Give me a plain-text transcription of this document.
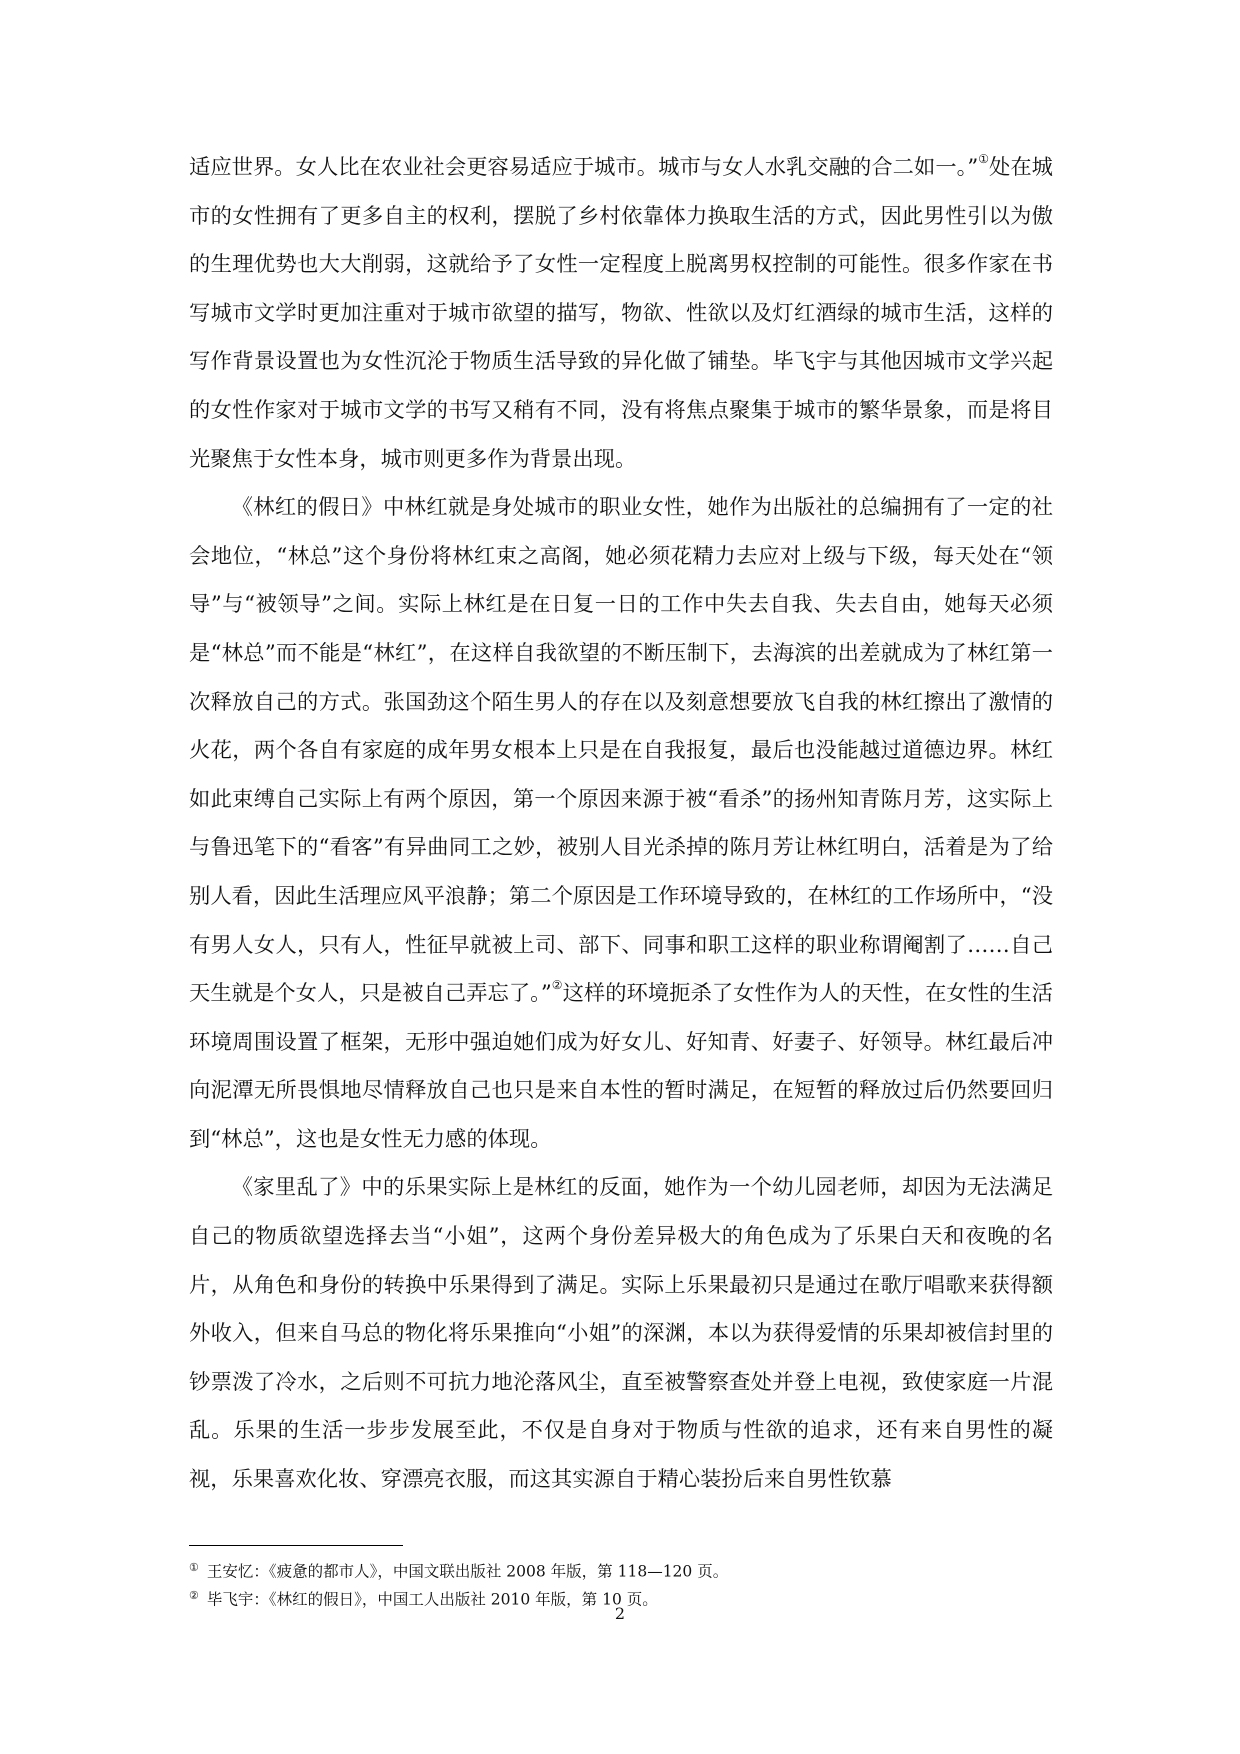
适应世界。女人比在农业社会更容易适应于城市。城市与女人水乳交融的合二如一。”①处在城市的女性拥有了更多自主的权利，摆脱了乡村依靠体力换取生活的方式，因此男性引以为傲的生理优势也大大削弱，这就给予了女性一定程度上脱离男权控制的可能性。很多作家在书写城市文学时更加注重对于城市欲望的描写，物欲、性欲以及灯红酒绿的城市生活，这样的写作背景设置也为女性沉沦于物质生活导致的异化做了铺垫。毕飞宇与其他因城市文学兴起的女性作家对于城市文学的书写又稍有不同，没有将焦点聚集于城市的繁华景象，而是将目光聚焦于女性本身，城市则更多作为背景出现。

《林红的假日》中林红就是身处城市的职业女性，她作为出版社的总编拥有了一定的社会地位，“林总”这个身份将林红束之高阁，她必须花精力去应对上级与下级，每天处在“领导”与“被领导”之间。实际上林红是在日复一日的工作中失去自我、失去自由，她每天必须是“林总”而不能是“林红”，在这样自我欲望的不断压制下，去海滨的出差就成为了林红第一次释放自己的方式。张国劲这个陌生男人的存在以及刻意想要放飞自我的林红擦出了激情的火花，两个各自有家庭的成年男女根本上只是在自我报复，最后也没能越过道德边界。林红如此束缚自己实际上有两个原因，第一个原因来源于被“看杀”的扬州知青陈月芳，这实际上与鲁迅笔下的“看客”有异曲同工之妙，被别人目光杀掉的陈月芳让林红明白，活着是为了给别人看，因此生活理应风平浪静；第二个原因是工作环境导致的，在林红的工作场所中，“没有男人女人，只有人，性征早就被上司、部下、同事和职工这样的职业称谓阉割了……自己天生就是个女人，只是被自己弄忘了。”②这样的环境扼杀了女性作为人的天性，在女性的生活环境周围设置了框架，无形中强迫她们成为好女儿、好知青、好妻子、好领导。林红最后冲向泥潭无所畏惧地尽情释放自己也只是来自本性的暂时满足，在短暂的释放过后仍然要回归到“林总”，这也是女性无力感的体现。

《家里乱了》中的乐果实际上是林红的反面，她作为一个幼儿园老师，却因为无法满足自己的物质欲望选择去当“小姐”，这两个身份差异极大的角色成为了乐果白天和夜晚的名片，从角色和身份的转换中乐果得到了满足。实际上乐果最初只是通过在歌厅唱歌来获得额外收入，但来自马总的物化将乐果推向“小姐”的深渊，本以为获得爱情的乐果却被信封里的钞票泼了冷水，之后则不可抗力地沦落风尘，直至被警察查处并登上电视，致使家庭一片混乱。乐果的生活一步步发展至此，不仅是自身对于物质与性欲的追求，还有来自男性的凝视，乐果喜欢化妆、穿漂亮衣服，而这其实源自于精心装扮后来自男性钦慕

① 王安忆：《疲惫的都市人》，中国文联出版社 2008 年版，第 118—120 页。

② 毕飞宇：《林红的假日》，中国工人出版社 2010 年版，第 10 页。

2
